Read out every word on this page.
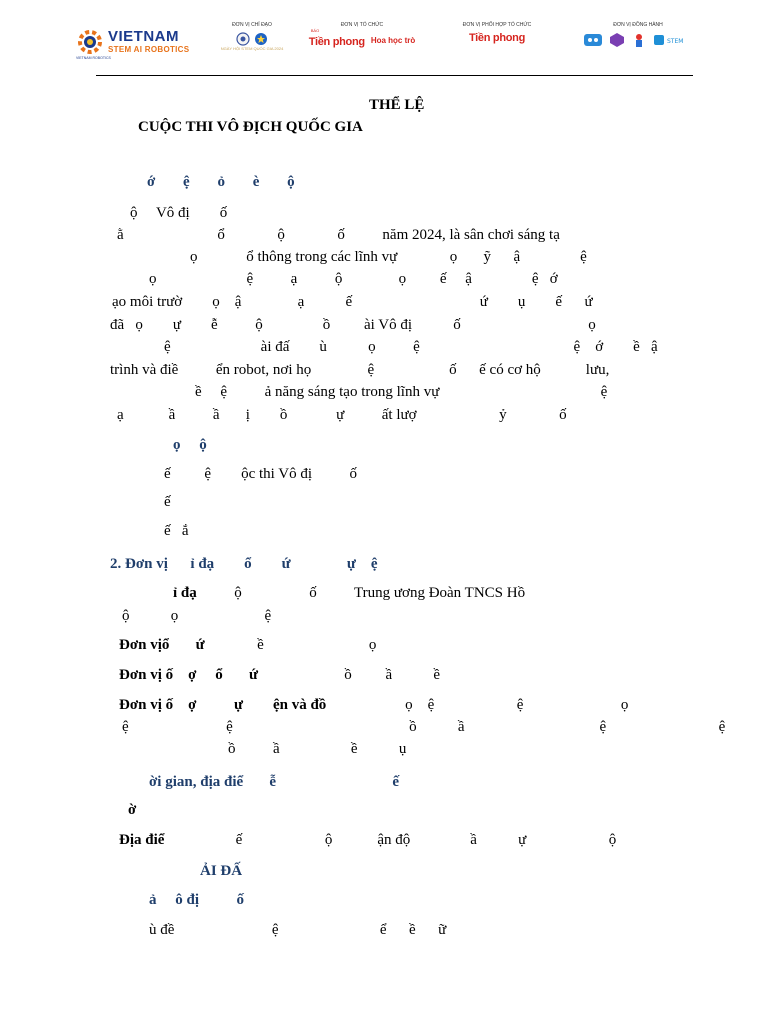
VIETNAM
STEM AI ROBOTICS
VIETNAM ROBOTICS
ĐƠN VỊ CHỈ ĐẠO
NGÀY HỘI STEM QUỐC GIA 2024
ĐƠN VỊ TỔ CHỨC
BÁO
Tiền phong Hoa học trò
ĐƠN VỊ PHỐI HỢP TỔ CHỨC
Tiền phong
ĐƠN VỊ ĐỒNG HÀNH
STEM
THỂ LỆ
CUỘC THI VÔ ĐỊCH QUỐC GIA
ớ ệ ỏ è ộ
ộ     Vô đị        ố
ằ                         ổ              ộ              ố          năm 2024, là sân chơi sáng tạ
ọ             ổ thông trong các lĩnh vự              ọ       ỹ      ậ                ệ
ọ                        ệ          ạ          ộ               ọ         ế     ậ                ệ   ớ
ạo môi trườ        ọ    ậ               ạ           ế                                  ứ        ụ        ế      ứ
đã   ọ        ự        ễ          ộ                ồ         ài Vô đị           ố                                  ọ
ệ                        ài đấ        ù           ọ          ệ                                         ệ    ớ        ề   ậ
trình và điề          ển robot, nơi họ               ệ                    ố      ế có cơ hộ            lưu,
ề     ệ          ả năng sáng tạo trong lĩnh vự                                           ệ
ạ            ầ          ầ       ị        ồ             ự          ất lượ                      ỷ              ố
ọ     ộ
ế         ệ        ộc thi Vô đị          ố
ế
ế   ắ
2. Đơn vị      ỉ đạ        ổ        ứ               ự    ệ
ỉ đạ	ộ                  ố Trung ương Đoàn TNCS Hồ
ộ           ọ                       ệ
Đơn vịổ       ứ	ề                            ọ
Đơn vị ố    ợ     ổ       ứ	ồ         ầ           ề
Đơn vị ố    ợ          ự        ện và đồ	ọ    ệ                      ệ                          ọ
ệ                          ệ                                               ồ           ầ                                    ệ                              ệ
ồ          ầ                   ề           ụ
ời gian, địa điể ễ                               ế
ờ
Địa điể	ế                      ộ            ận độ                ầ           ự                      ộ
ẢI ĐẤ
ả     ô đị          ố
ù đề                          ệ                           ể      ề      ữ
